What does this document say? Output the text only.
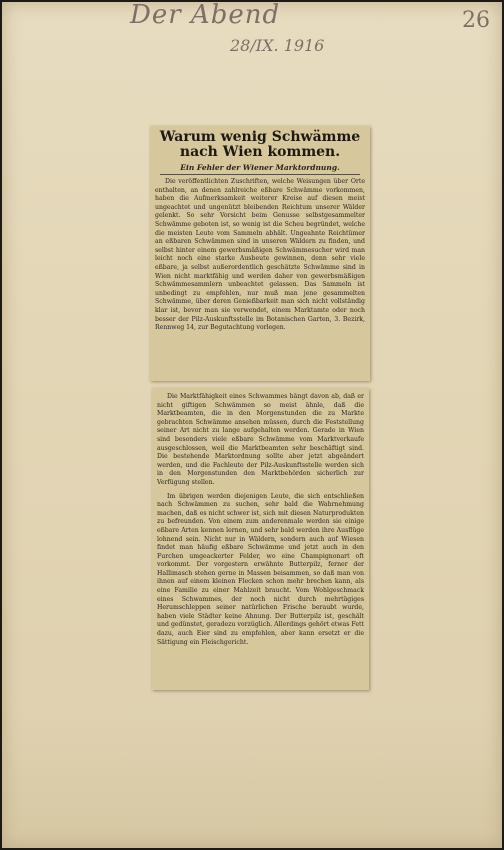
Der Abend
28/IX. 1916
26
Warum wenig Schwämme nach Wien kommen.
Ein Fehler der Wiener Marktordnung.
Die veröffentlichten Zuschriften, welche Weisungen über Orte enthalten, an denen zahlreiche eßbare Schwämme vorkommen, haben die Aufmerksamkeit weiterer Kreise auf diesen meist ungeachtet und ungenützt bleibenden Reichtum unserer Wälder gelenkt. So sehr Vorsicht beim Genusse selbstgesammelter Schwämme geboten ist, so wenig ist die Scheu begründet, welche die meisten Leute vom Sammeln abhält. Ungeahnte Reichtümer an eßbaren Schwämmen sind in unseren Wäldern zu finden, und selbst hinter einem gewerbsmäßigen Schwämmesucher wird man leicht noch eine starke Ausbeute gewinnen, denn sehr viele eßbare, ja selbst außerordentlich geschätzte Schwämme sind in Wien nicht marktfähig und werden daher von gewerbsmäßigen Schwämmesammlern unbeachtet gelassen. Das Sammeln ist unbedingt zu empfehlen, nur muß man jene gesammelten Schwämme, über deren Genießbarkeit man sich nicht vollständig klar ist, bevor man sie verwendet, einem Marktamte oder noch besser der Pilz-Auskunftsstelle im Botanischen Garten, 3. Bezirk, Rennweg 14, zur Begutachtung vorlegen.
Die Marktfähigkeit eines Schwammes hängt davon ab, daß er nicht giftigen Schwämmen so meist ähnle, daß die Marktbeamten, die in den Morgenstunden die zu Markte gebrachten Schwämme ansehen müssen, durch die Feststellung seiner Art nicht zu lange aufgehalten werden. Gerade in Wien sind besonders viele eßbare Schwämme vom Marktverkaufe ausgeschlossen, weil die Marktbeamten sehr beschäftigt sind. Die bestehende Marktordnung sollte aber jetzt abgeändert werden, und die Fachleute der Pilz-Auskunftsstelle werden sich in den Morgenstunden den Marktbehörden sicherlich zur Verfügung stellen.
Im übrigen werden diejenigen Leute, die sich entschließen nach Schwämmen zu suchen, sehr bald die Wahrnehmung machen, daß es nicht schwer ist, sich mit diesen Naturprodukten zu befreunden. Von einem zum anderenmale werden sie einige eßbare Arten kennen lernen, und sehr bald werden ihre Ausflüge lohnend sein. Nicht nur in Wäldern, sondern auch auf Wiesen findet man häufig eßbare Schwämme und jetzt auch in den Furchen umgeackerter Felder, wo eine Champignonart oft vorkommt. Der vorgestern erwähnte Butterpilz, ferner der Hallimasch stehen gerne in Massen beisammen, so daß man von ihnen auf einem kleinen Flecken schon mehr brechen kann, als eine Familie zu einer Mahlzeit braucht. Vom Wohlgeschmack eines Schwammes, der noch nicht durch mehrtägiges Herumschleppen seiner natürlichen Frische beraubt wurde, haben viele Städter keine Ahnung. Der Butterpilz ist, geschält und gedünstet, geradezu vorzüglich. Allerdings gehört etwas Fett dazu, auch Eier sind zu empfehlen, aber kann ersetzt er die Sättigung ein Fleischgericht.
